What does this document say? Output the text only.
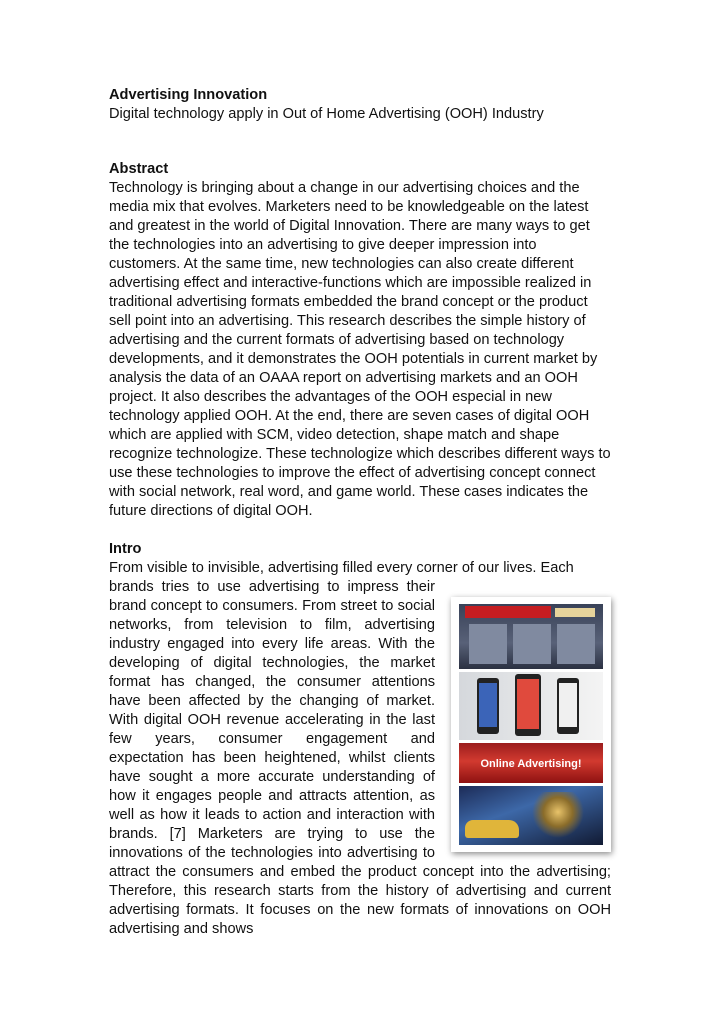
Advertising Innovation

Digital technology apply in Out of Home Advertising (OOH) Industry

Abstract

Technology is bringing about a change in our advertising choices and the media mix that evolves. Marketers need to be knowledgeable on the latest and greatest in the world of Digital Innovation. There are many ways to get the technologies into an advertising to give deeper impression into customers. At the same time, new technologies can also create different advertising effect and interactive-functions which are impossible realized in traditional advertising formats embedded the brand concept or the product sell point into an advertising. This research describes the simple history of advertising and the current formats of advertising based on technology developments, and it demonstrates the OOH potentials in current market by analysis the data of an OAAA report on advertising markets and an OOH project. It also describes the advantages of the OOH especial in new technology applied OOH. At the end, there are seven cases of digital OOH which are applied with SCM, video detection, shape match and shape recognize technologize. These technologize which describes different ways to use these technologies to improve the effect of advertising concept connect with social network, real word, and game world. These cases indicates the future directions of digital OOH.

Intro

From visible to invisible, advertising filled every corner of our lives. Each

Online Advertising!

brands tries to use advertising to impress their brand concept to consumers. From street to social networks, from television to film, advertising industry engaged into every life areas. With the developing of digital technologies, the market format has changed, the consumer attentions have been affected by the changing of market. With digital OOH revenue accelerating in the last few years, consumer engagement and expectation has been heightened, whilst clients have sought a more accurate understanding of how it engages people and attracts attention, as well as how it leads to action and interaction with brands. [7] Marketers are trying to use the innovations of the technologies into advertising to attract the consumers and embed the product concept into the advertising; Therefore, this research starts from the history of advertising and current advertising formats. It focuses on the new formats of innovations on OOH advertising and shows
